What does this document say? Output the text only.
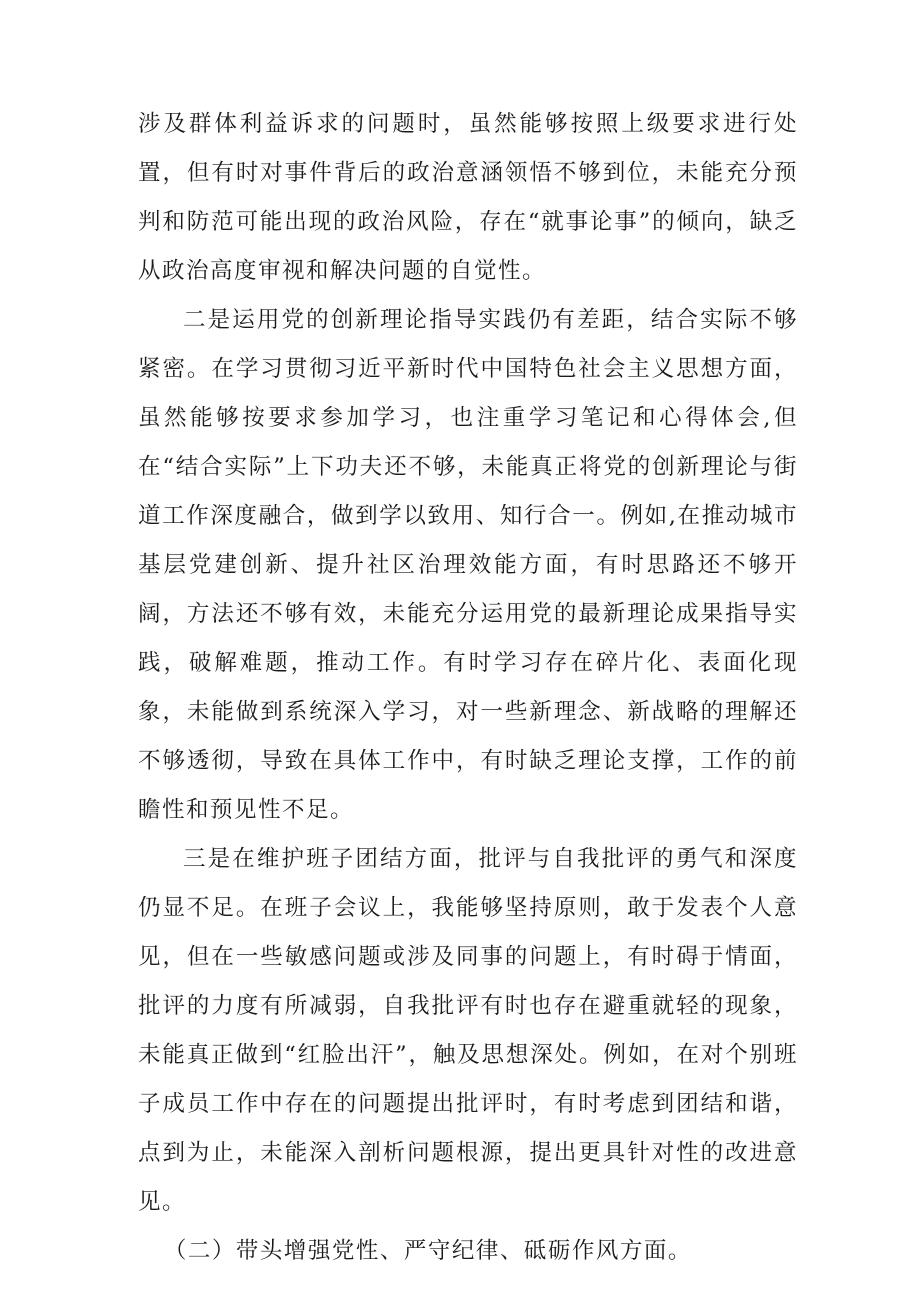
涉及群体利益诉求的问题时，虽然能够按照上级要求进行处置，但有时对事件背后的政治意涵领悟不够到位，未能充分预判和防范可能出现的政治风险，存在“就事论事”的倾向，缺乏从政治高度审视和解决问题的自觉性。

二是运用党的创新理论指导实践仍有差距，结合实际不够紧密。在学习贯彻习近平新时代中国特色社会主义思想方面，虽然能够按要求参加学习，也注重学习笔记和心得体会,但在“结合实际”上下功夫还不够，未能真正将党的创新理论与街道工作深度融合，做到学以致用、知行合一。例如,在推动城市基层党建创新、提升社区治理效能方面，有时思路还不够开阔，方法还不够有效，未能充分运用党的最新理论成果指导实践，破解难题，推动工作。有时学习存在碎片化、表面化现象，未能做到系统深入学习，对一些新理念、新战略的理解还不够透彻，导致在具体工作中，有时缺乏理论支撑，工作的前瞻性和预见性不足。

三是在维护班子团结方面，批评与自我批评的勇气和深度仍显不足。在班子会议上，我能够坚持原则，敢于发表个人意见，但在一些敏感问题或涉及同事的问题上，有时碍于情面，批评的力度有所减弱，自我批评有时也存在避重就轻的现象，未能真正做到“红脸出汗”，触及思想深处。例如，在对个别班子成员工作中存在的问题提出批评时，有时考虑到团结和谐，点到为止，未能深入剖析问题根源，提出更具针对性的改进意见。

（二）带头增强党性、严守纪律、砥砺作风方面。
